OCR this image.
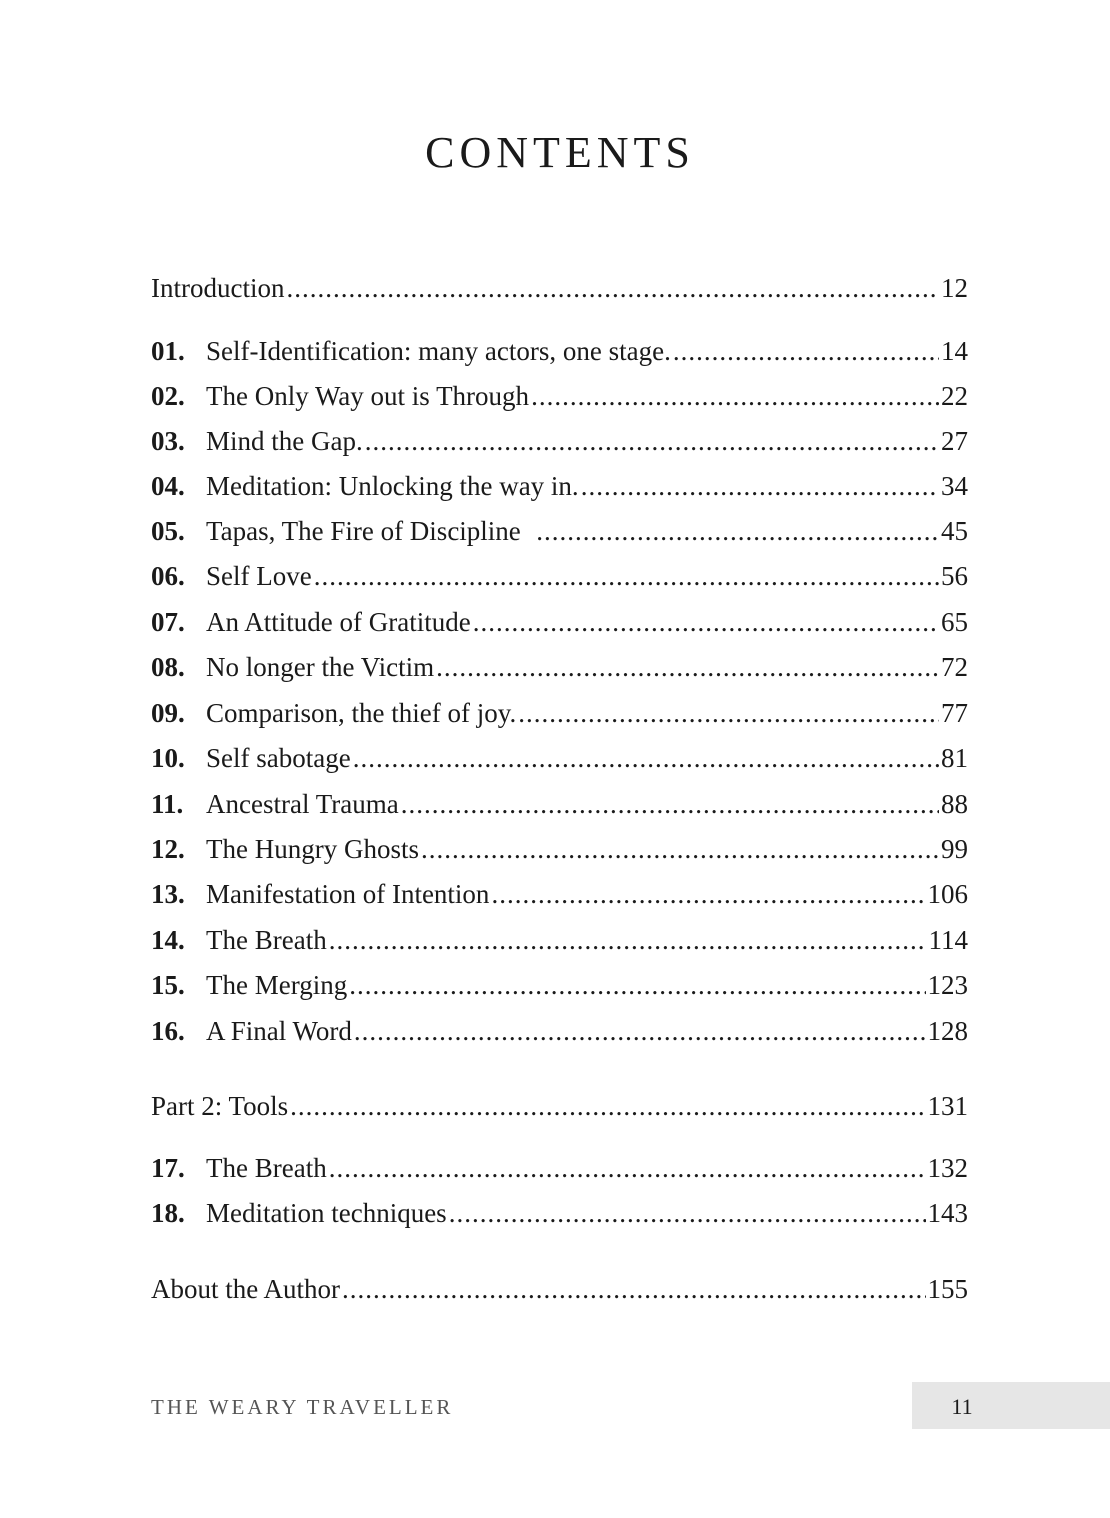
CONTENTS
Introduction .....	12
01. Self-Identification: many actors, one stage. .....	14
02. The Only Way out is Through .....	22
03. Mind the Gap. .....	27
04. Meditation: Unlocking the way in. .....	34
05. Tapas, The Fire of Discipline .....	45
06. Self Love .....	56
07. An Attitude of Gratitude .....	65
08. No longer the Victim .....	72
09. Comparison, the thief of joy. .....	77
10. Self sabotage .....	81
11. Ancestral Trauma .....	88
12. The Hungry Ghosts .....	99
13. Manifestation of Intention .....	106
14. The Breath .....	114
15. The Merging .....	123
16. A Final Word .....	128
Part 2: Tools .....	131
17. The Breath .....	132
18. Meditation techniques .....	143
About the Author .....	155
THE WEARY TRAVELLER	11
